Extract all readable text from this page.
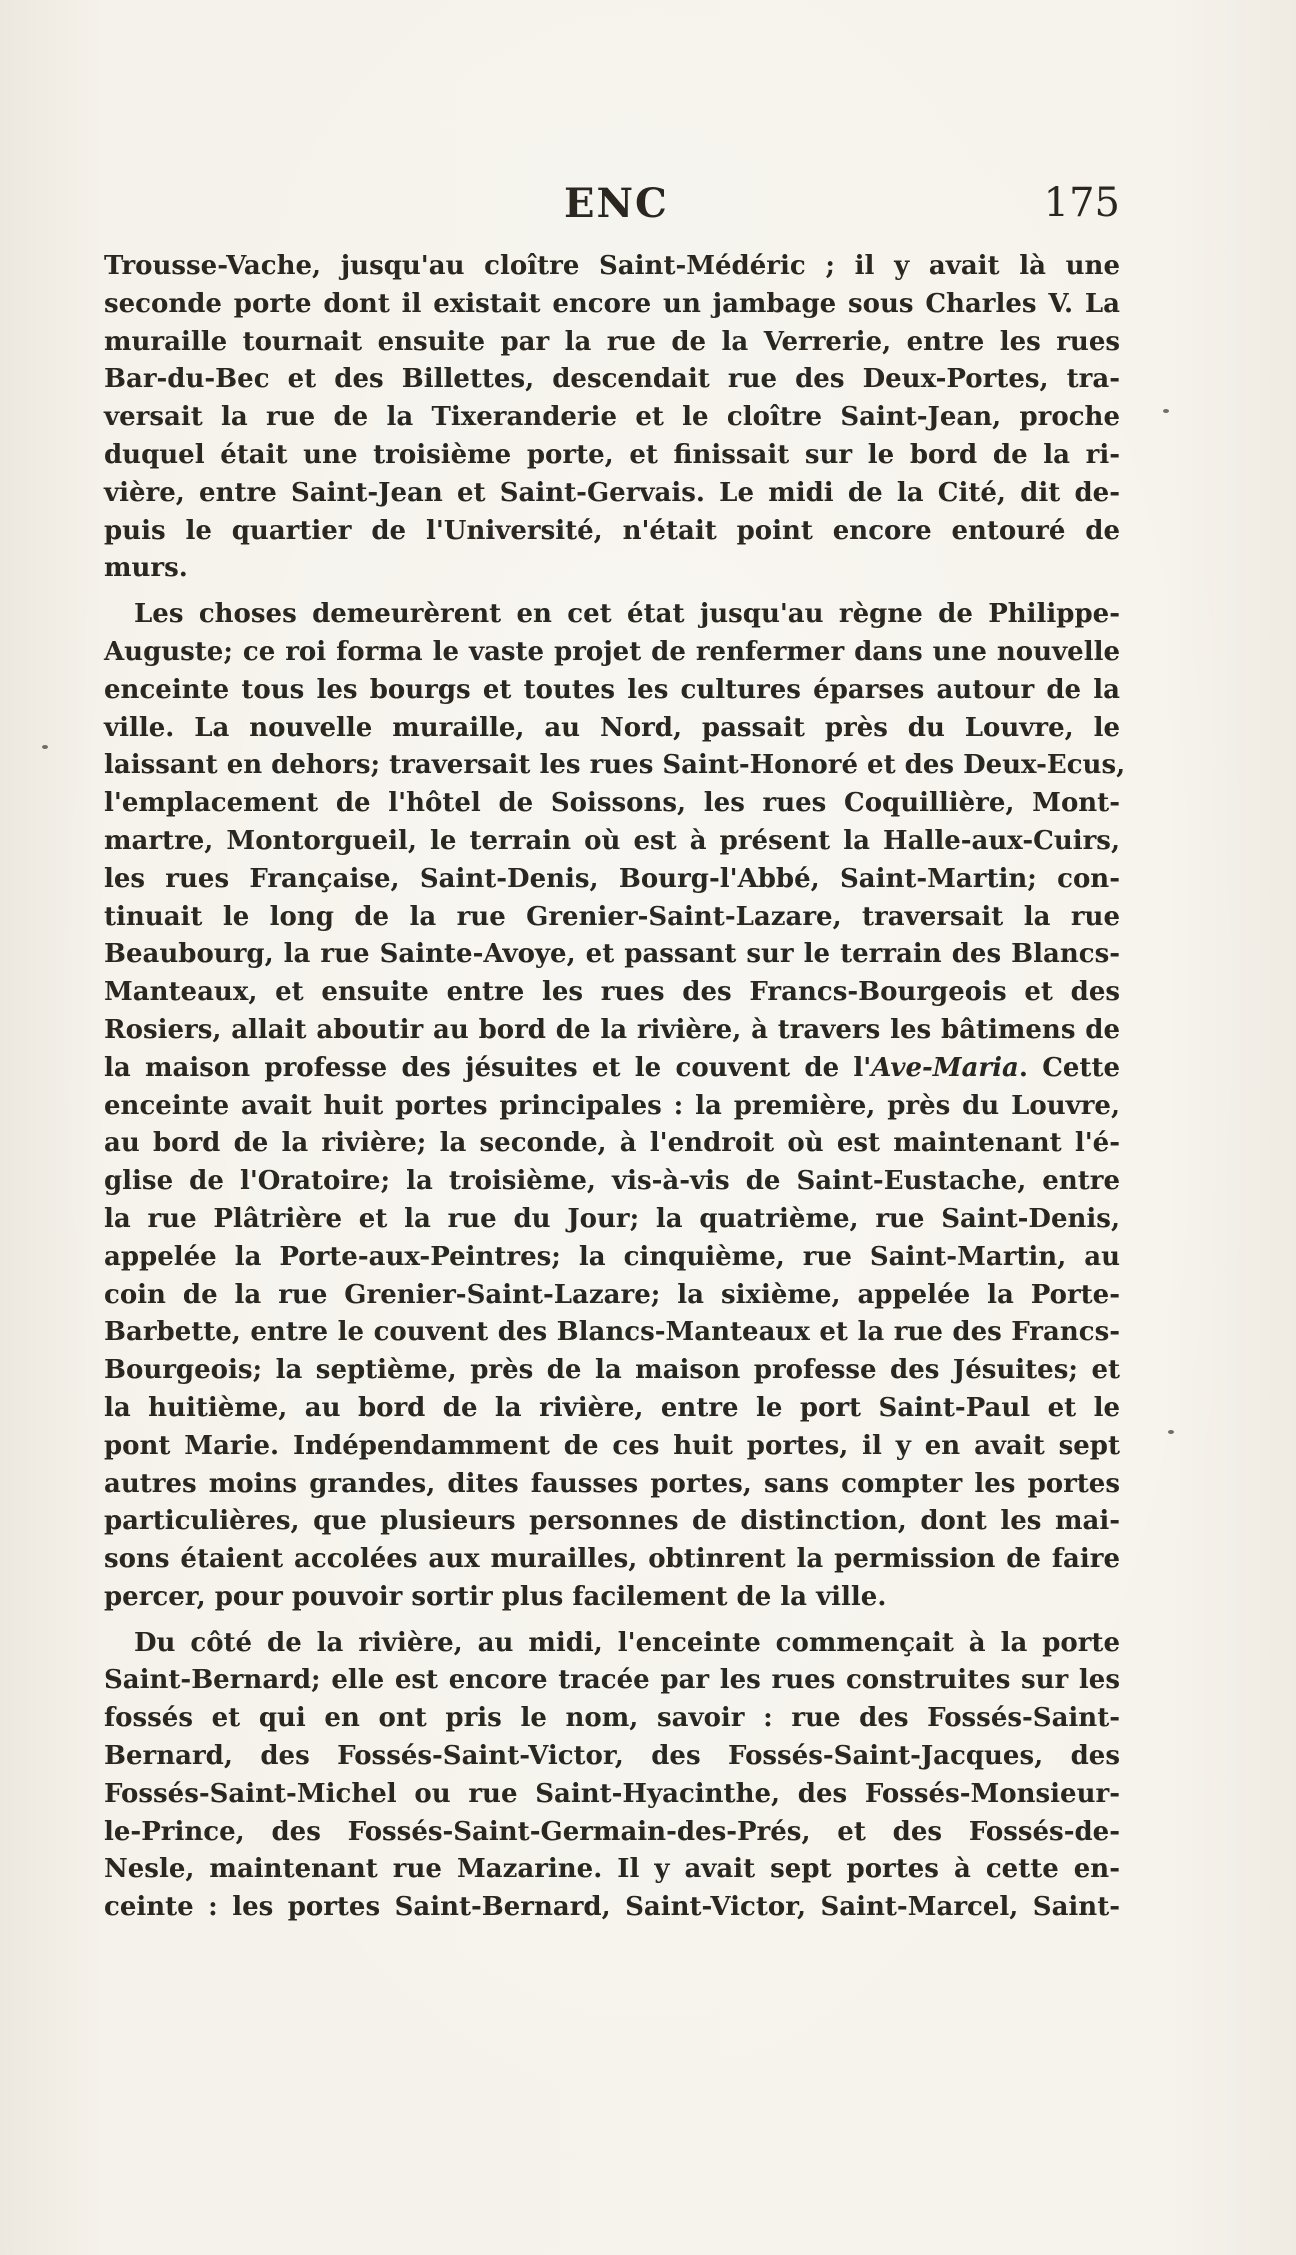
ENC	175
Trousse-Vache, jusqu'au cloître Saint-Médéric ; il y avait là une
seconde porte dont il existait encore un jambage sous Charles V. La
muraille tournait ensuite par la rue de la Verrerie, entre les rues
Bar-du-Bec et des Billettes, descendait rue des Deux-Portes, tra-
versait la rue de la Tixeranderie et le cloître Saint-Jean, proche
duquel était une troisième porte, et finissait sur le bord de la ri-
vière, entre Saint-Jean et Saint-Gervais. Le midi de la Cité, dit de-
puis le quartier de l'Université, n'était point encore entouré de
murs.
Les choses demeurèrent en cet état jusqu'au règne de Philippe-
Auguste; ce roi forma le vaste projet de renfermer dans une nouvelle
enceinte tous les bourgs et toutes les cultures éparses autour de la
ville. La nouvelle muraille, au Nord, passait près du Louvre, le
laissant en dehors; traversait les rues Saint-Honoré et des Deux-Ecus,
l'emplacement de l'hôtel de Soissons, les rues Coquillière, Mont-
martre, Montorgueil, le terrain où est à présent la Halle-aux-Cuirs,
les rues Française, Saint-Denis, Bourg-l'Abbé, Saint-Martin; con-
tinuait le long de la rue Grenier-Saint-Lazare, traversait la rue
Beaubourg, la rue Sainte-Avoye, et passant sur le terrain des Blancs-
Manteaux, et ensuite entre les rues des Francs-Bourgeois et des
Rosiers, allait aboutir au bord de la rivière, à travers les bâtimens de
la maison professe des jésuites et le couvent de l'Ave-Maria. Cette
enceinte avait huit portes principales : la première, près du Louvre,
au bord de la rivière; la seconde, à l'endroit où est maintenant l'é-
glise de l'Oratoire; la troisième, vis-à-vis de Saint-Eustache, entre
la rue Plâtrière et la rue du Jour; la quatrième, rue Saint-Denis,
appelée la Porte-aux-Peintres; la cinquième, rue Saint-Martin, au
coin de la rue Grenier-Saint-Lazare; la sixième, appelée la Porte-
Barbette, entre le couvent des Blancs-Manteaux et la rue des Francs-
Bourgeois; la septième, près de la maison professe des Jésuites; et
la huitième, au bord de la rivière, entre le port Saint-Paul et le
pont Marie. Indépendamment de ces huit portes, il y en avait sept
autres moins grandes, dites fausses portes, sans compter les portes
particulières, que plusieurs personnes de distinction, dont les mai-
sons étaient accolées aux murailles, obtinrent la permission de faire
percer, pour pouvoir sortir plus facilement de la ville.
Du côté de la rivière, au midi, l'enceinte commençait à la porte
Saint-Bernard; elle est encore tracée par les rues construites sur les
fossés et qui en ont pris le nom, savoir : rue des Fossés-Saint-
Bernard, des Fossés-Saint-Victor, des Fossés-Saint-Jacques, des
Fossés-Saint-Michel ou rue Saint-Hyacinthe, des Fossés-Monsieur-
le-Prince, des Fossés-Saint-Germain-des-Prés, et des Fossés-de-
Nesle, maintenant rue Mazarine. Il y avait sept portes à cette en-
ceinte : les portes Saint-Bernard, Saint-Victor, Saint-Marcel, Saint-
